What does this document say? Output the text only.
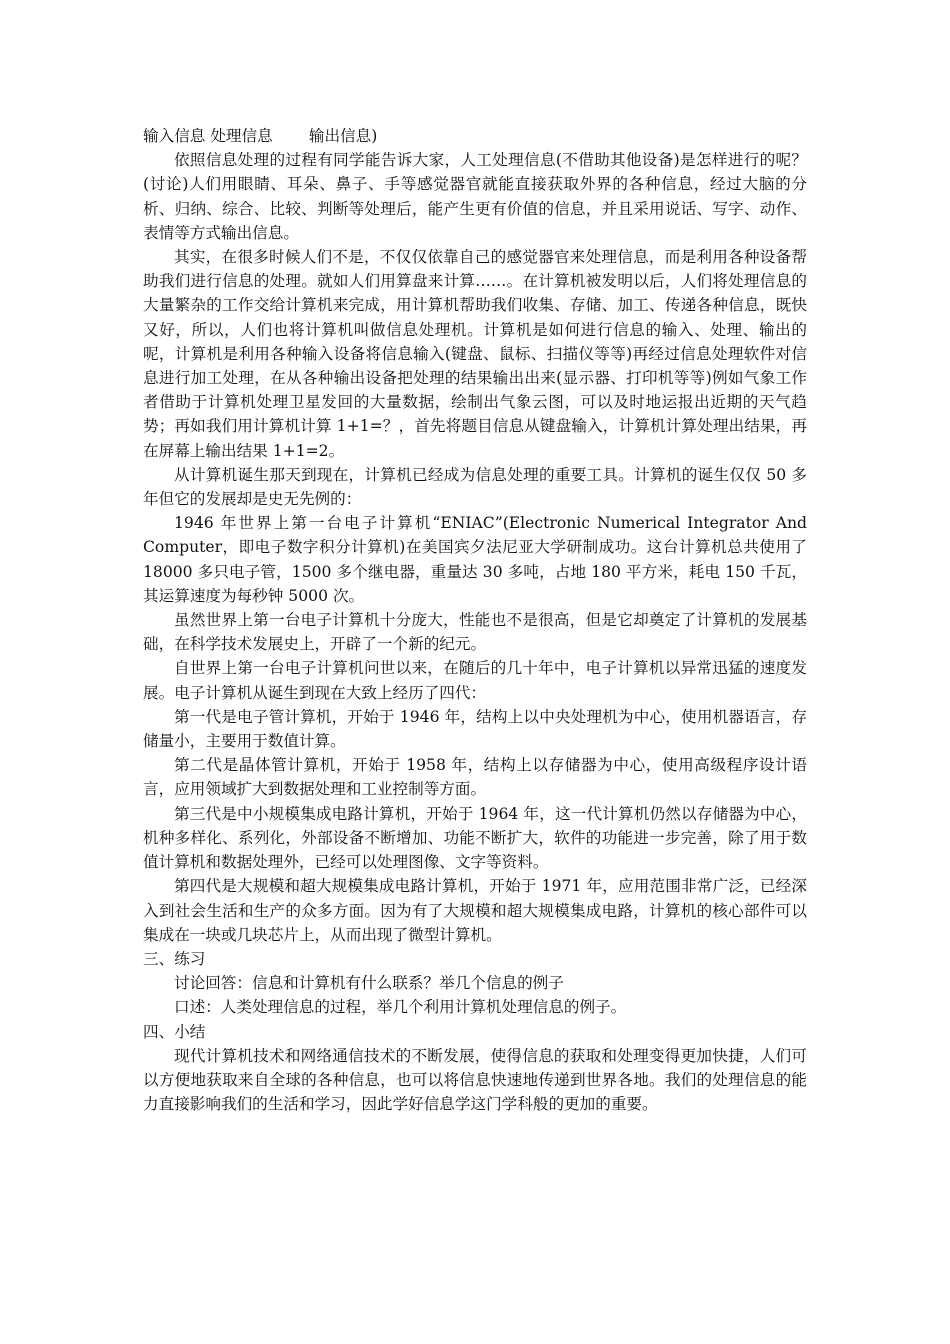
输入信息 处理信息　　 输出信息)

依照信息处理的过程有同学能告诉大家，人工处理信息(不借助其他设备)是怎样进行的呢？(讨论)人们用眼睛、耳朵、鼻子、手等感觉器官就能直接获取外界的各种信息，经过大脑的分析、归纳、综合、比较、判断等处理后，能产生更有价值的信息，并且采用说话、写字、动作、表情等方式输出信息。

其实，在很多时候人们不是，不仅仅依靠自己的感觉器官来处理信息，而是利用各种设备帮助我们进行信息的处理。就如人们用算盘来计算……。在计算机被发明以后，人们将处理信息的大量繁杂的工作交给计算机来完成，用计算机帮助我们收集、存储、加工、传递各种信息，既快又好，所以，人们也将计算机叫做信息处理机。计算机是如何进行信息的输入、处理、输出的呢，计算机是利用各种输入设备将信息输入(键盘、鼠标、扫描仪等等)再经过信息处理软件对信息进行加工处理，在从各种输出设备把处理的结果输出出来(显示器、打印机等等)例如气象工作者借助于计算机处理卫星发回的大量数据，绘制出气象云图，可以及时地运报出近期的天气趋势；再如我们用计算机计算 1+1=？，首先将题目信息从键盘输入，计算机计算处理出结果，再在屏幕上输出结果 1+1=2。

从计算机诞生那天到现在，计算机已经成为信息处理的重要工具。计算机的诞生仅仅 50 多年但它的发展却是史无先例的：

1946 年世界上第一台电子计算机“ENIAC”(Electronic Numerical Integrator And Computer，即电子数字积分计算机)在美国宾夕法尼亚大学研制成功。这台计算机总共使用了 18000 多只电子管，1500 多个继电器，重量达 30 多吨，占地 180 平方米，耗电 150 千瓦，其运算速度为每秒钟 5000 次。

虽然世界上第一台电子计算机十分庞大，性能也不是很高，但是它却奠定了计算机的发展基础，在科学技术发展史上，开辟了一个新的纪元。

自世界上第一台电子计算机问世以来，在随后的几十年中，电子计算机以异常迅猛的速度发展。电子计算机从诞生到现在大致上经历了四代：

第一代是电子管计算机，开始于 1946 年，结构上以中央处理机为中心，使用机器语言，存储量小，主要用于数值计算。

第二代是晶体管计算机，开始于 1958 年，结构上以存储器为中心，使用高级程序设计语言，应用领域扩大到数据处理和工业控制等方面。

第三代是中小规模集成电路计算机，开始于 1964 年，这一代计算机仍然以存储器为中心，机种多样化、系列化，外部设备不断增加、功能不断扩大，软件的功能进一步完善，除了用于数值计算机和数据处理外，已经可以处理图像、文字等资料。

第四代是大规模和超大规模集成电路计算机，开始于 1971 年，应用范围非常广泛，已经深入到社会生活和生产的众多方面。因为有了大规模和超大规模集成电路，计算机的核心部件可以集成在一块或几块芯片上，从而出现了微型计算机。

三、练习

讨论回答：信息和计算机有什么联系？举几个信息的例子

口述：人类处理信息的过程，举几个利用计算机处理信息的例子。

四、小结

现代计算机技术和网络通信技术的不断发展，使得信息的获取和处理变得更加快捷，人们可以方便地获取来自全球的各种信息，也可以将信息快速地传递到世界各地。我们的处理信息的能力直接影响我们的生活和学习，因此学好信息学这门学科般的更加的重要。
